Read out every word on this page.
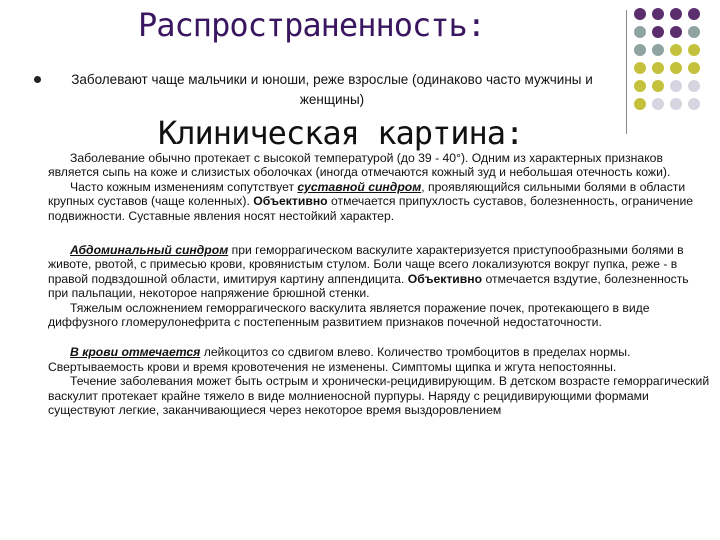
Распространенность:
Заболевают чаще мальчики и юноши, реже взрослые (одинаково часто мужчины и женщины)
Клиническая картина:

Заболевание обычно протекает с высокой температурой (до 39 - 40°). Одним из характерных признаков является сыпь на коже и слизистых оболочках (иногда отмечаются кожный зуд и небольшая отечность кожи).

Часто кожным изменениям сопутствует суставной синдром, проявляющийся сильными болями в области крупных суставов (чаще коленных). Объективно отмечается припухлость суставов, болезненность, ограничение подвижности. Суставные явления носят нестойкий характер.

Абдоминальный синдром при геморрагическом васкулите характеризуется приступообразными болями в животе, рвотой, с примесью крови, кровянистым стулом. Боли чаще всего локализуются вокруг пупка, реже - в правой подвздошной области, имитируя картину аппендицита. Объективно отмечается вздутие, болезненность при пальпации, некоторое напряжение брюшной стенки.

Тяжелым осложнением геморрагического васкулита является поражение почек, протекающего в виде диффузного гломерулонефрита с постепенным развитием признаков почечной недостаточности.

В крови отмечается лейкоцитоз со сдвигом влево. Количество тромбоцитов в пределах нормы. Свертываемость крови и время кровотечения не изменены. Симптомы щипка и жгута непостоянны.

Течение заболевания может быть острым и хронически-рецидивирующим. В детском возрасте геморрагический васкулит протекает крайне тяжело в виде молниеносной пурпуры. Наряду с рецидивирующими формами существуют легкие, заканчивающиеся через некоторое время выздоровлением
